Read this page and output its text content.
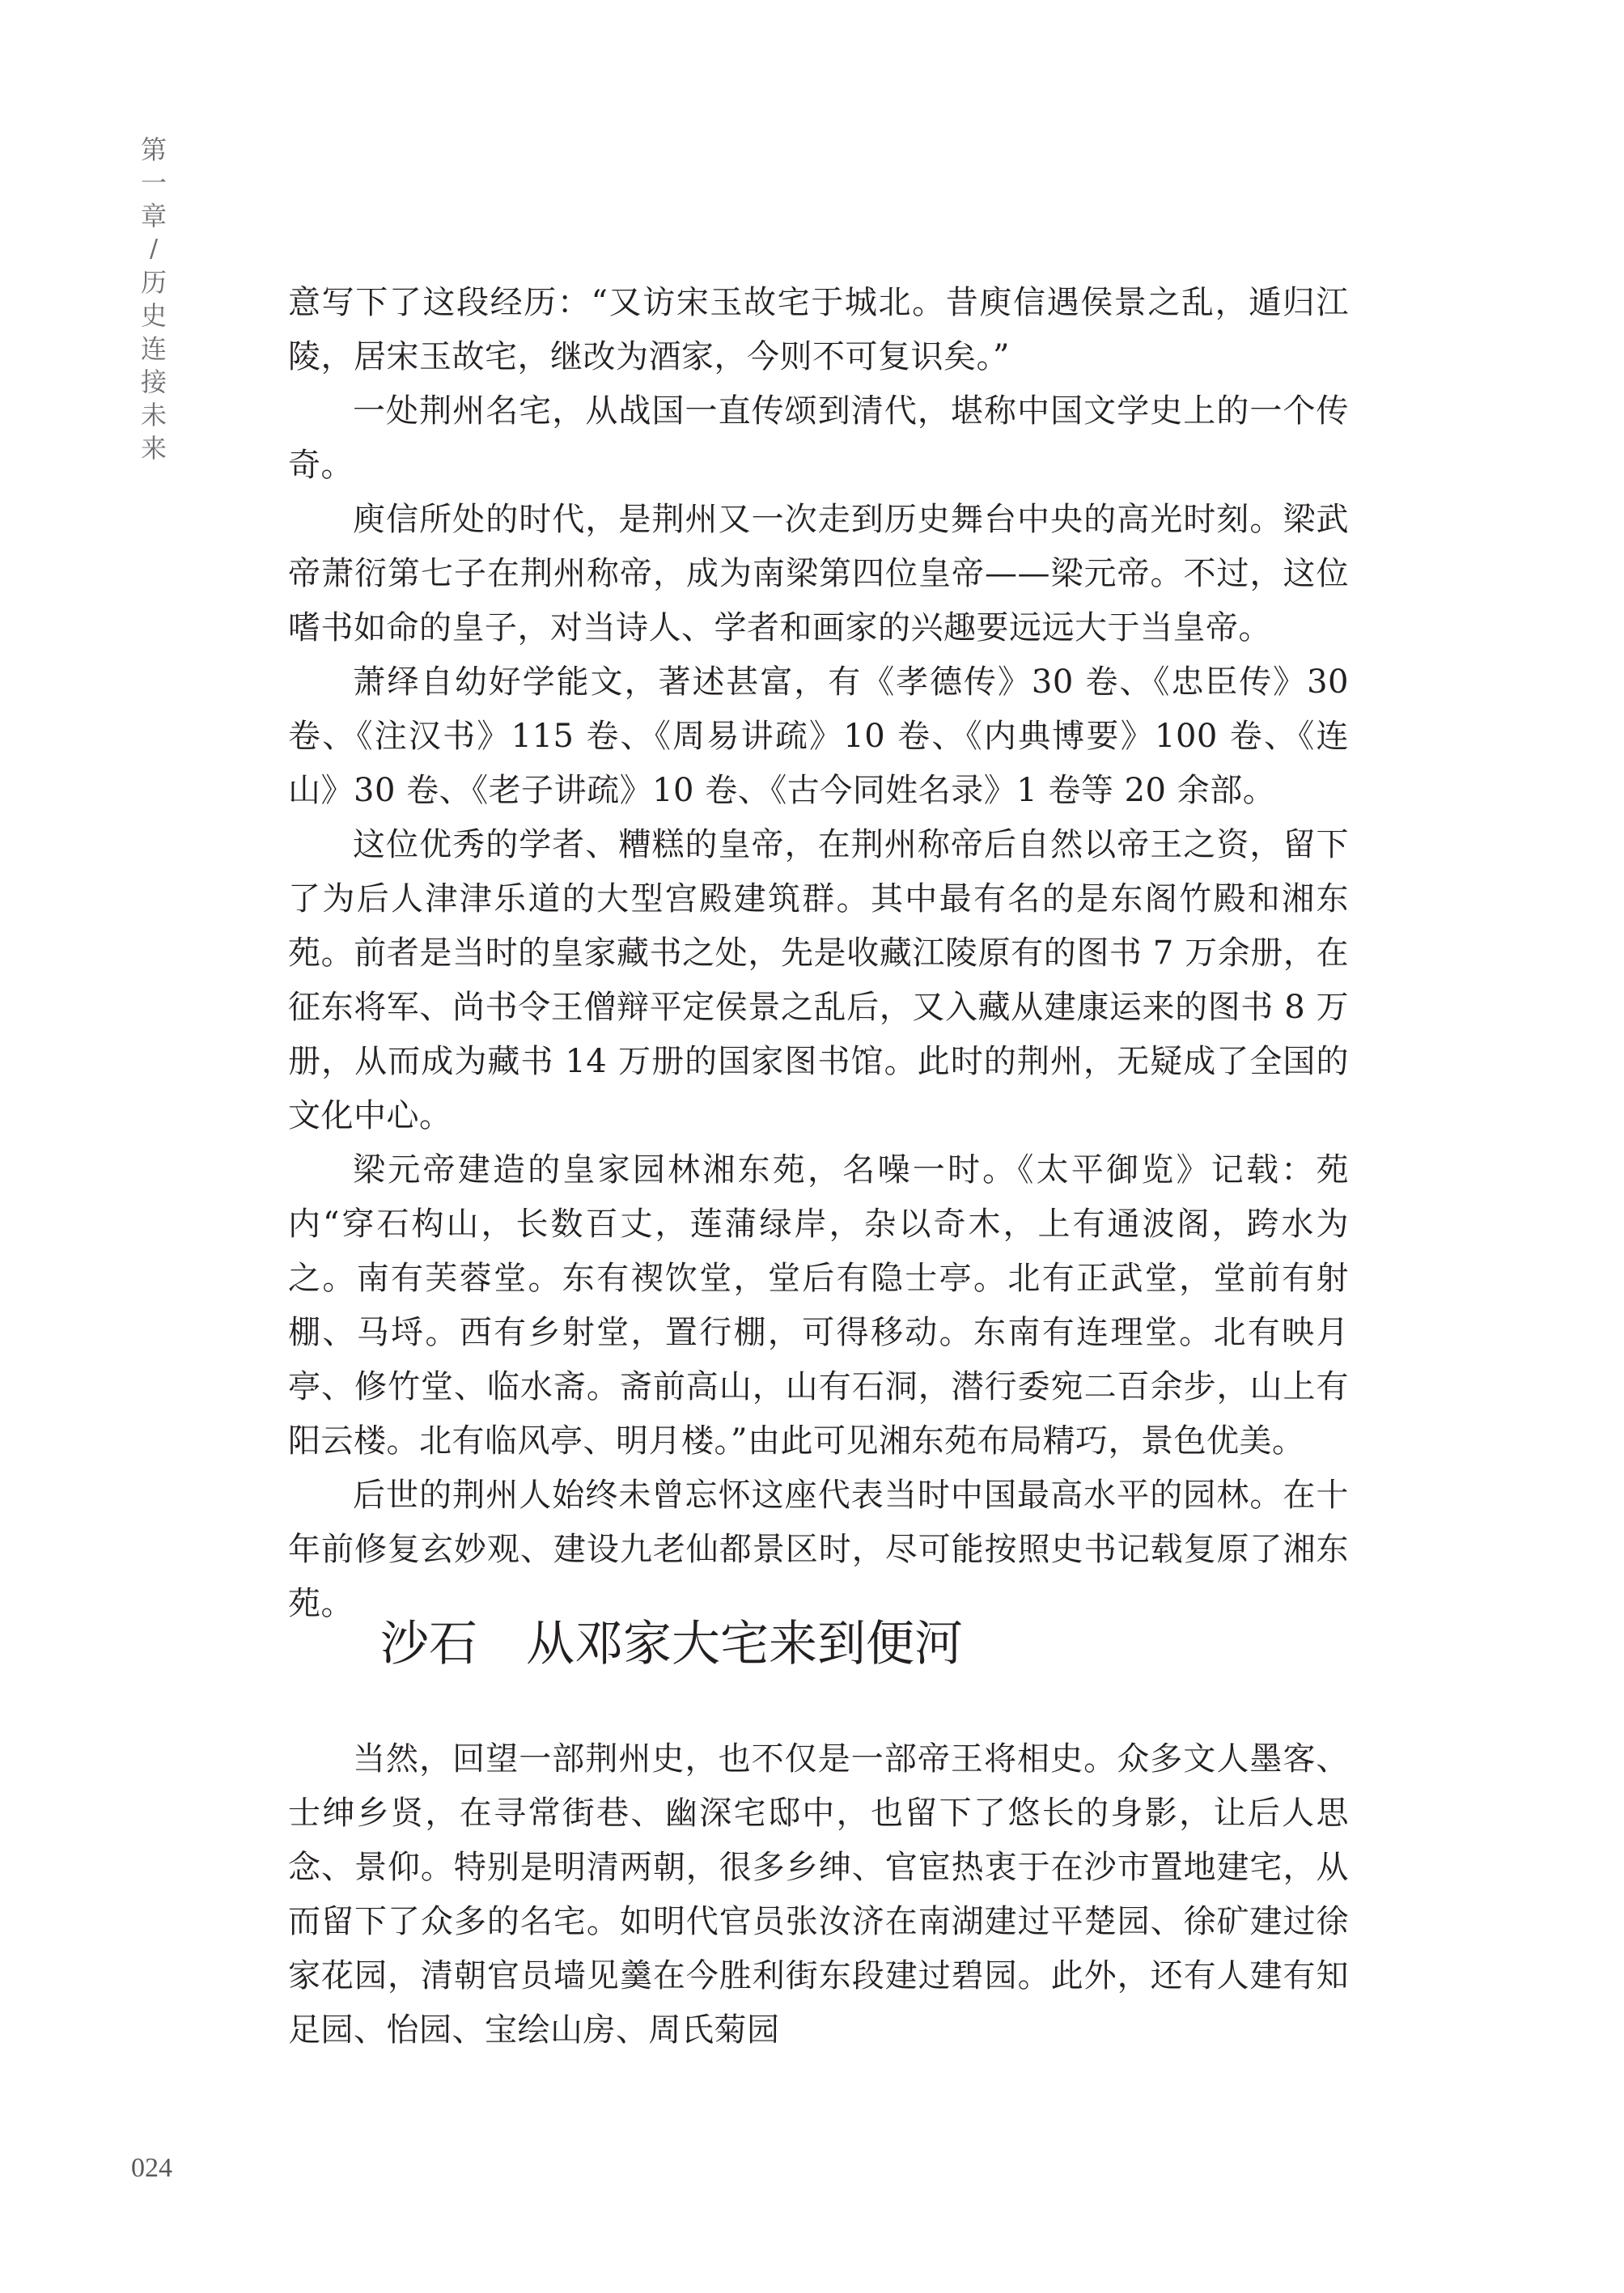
第
一
章
/
历
史
连
接
未
来

意写下了这段经历：“又访宋玉故宅于城北。昔庾信遇侯景之乱，遁归江陵，居宋玉故宅，继改为酒家，今则不可复识矣。”

一处荆州名宅，从战国一直传颂到清代，堪称中国文学史上的一个传奇。

庾信所处的时代，是荆州又一次走到历史舞台中央的高光时刻。梁武帝萧衍第七子在荆州称帝，成为南梁第四位皇帝——梁元帝。不过，这位嗜书如命的皇子，对当诗人、学者和画家的兴趣要远远大于当皇帝。

萧绎自幼好学能文，著述甚富，有《孝德传》30 卷、《忠臣传》30 卷、《注汉书》115 卷、《周易讲疏》10 卷、《内典博要》100 卷、《连山》30 卷、《老子讲疏》10 卷、《古今同姓名录》1 卷等 20 余部。

这位优秀的学者、糟糕的皇帝，在荆州称帝后自然以帝王之资，留下了为后人津津乐道的大型宫殿建筑群。其中最有名的是东阁竹殿和湘东苑。前者是当时的皇家藏书之处，先是收藏江陵原有的图书 7 万余册，在征东将军、尚书令王僧辩平定侯景之乱后，又入藏从建康运来的图书 8 万册，从而成为藏书 14 万册的国家图书馆。此时的荆州，无疑成了全国的文化中心。

梁元帝建造的皇家园林湘东苑，名噪一时。《太平御览》记载：苑内“穿石构山，长数百丈，莲蒲绿岸，杂以奇木，上有通波阁，跨水为之。南有芙蓉堂。东有禊饮堂，堂后有隐士亭。北有正武堂，堂前有射棚、马埒。西有乡射堂，置行棚，可得移动。东南有连理堂。北有映月亭、修竹堂、临水斋。斋前高山，山有石洞，潜行委宛二百余步，山上有阳云楼。北有临风亭、明月楼。”由此可见湘东苑布局精巧，景色优美。

后世的荆州人始终未曾忘怀这座代表当时中国最高水平的园林。在十年前修复玄妙观、建设九老仙都景区时，尽可能按照史书记载复原了湘东苑。

沙石　从邓家大宅来到便河

当然，回望一部荆州史，也不仅是一部帝王将相史。众多文人墨客、士绅乡贤，在寻常街巷、幽深宅邸中，也留下了悠长的身影，让后人思念、景仰。特别是明清两朝，很多乡绅、官宦热衷于在沙市置地建宅，从而留下了众多的名宅。如明代官员张汝济在南湖建过平楚园、徐矿建过徐家花园，清朝官员墙见羹在今胜利街东段建过碧园。此外，还有人建有知足园、怡园、宝绘山房、周氏菊园

024
